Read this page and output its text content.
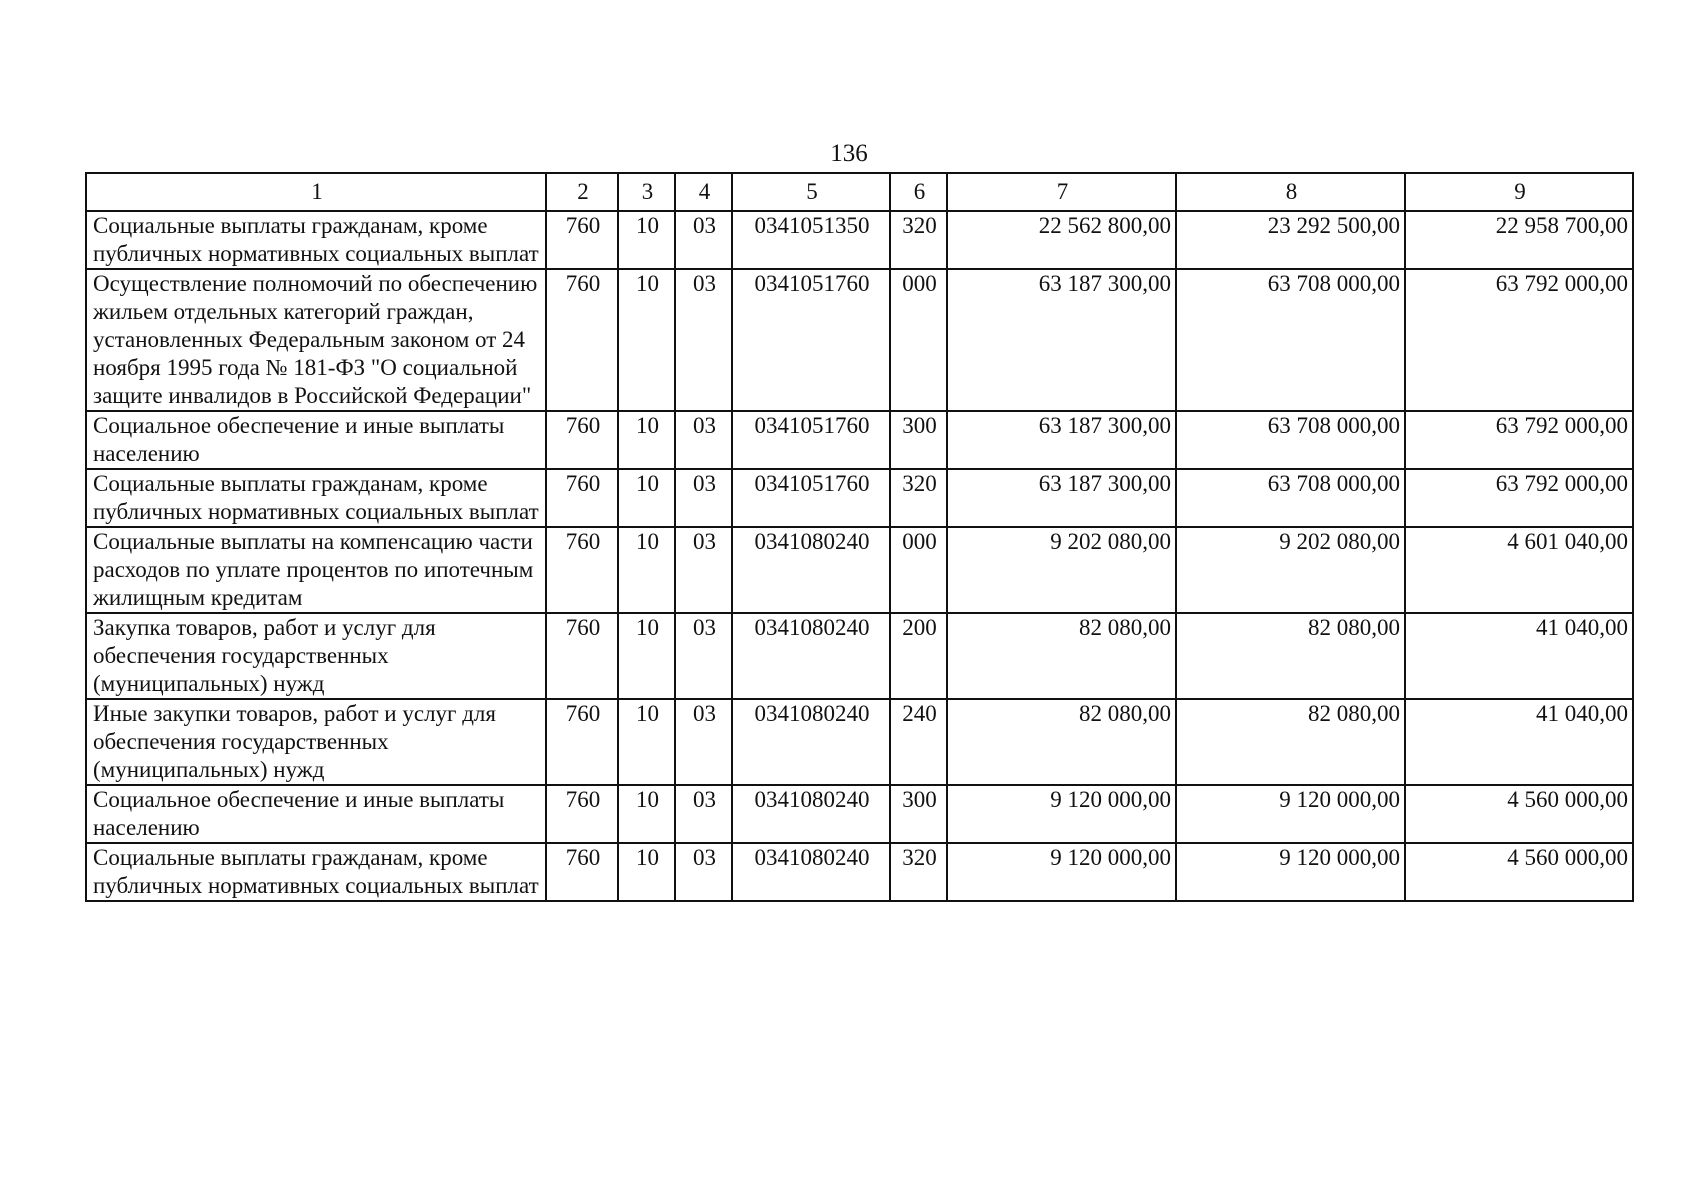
136
1	2	3	4	5	6	7	8	9
Социальные выплаты гражданам, кроме публичных нормативных социальных выплат	760	10	03	0341051350	320	22 562 800,00	23 292 500,00	22 958 700,00
Осуществление полномочий по обеспечению жильем отдельных категорий граждан, установленных Федеральным законом от 24 ноября 1995 года № 181-ФЗ "О социальной защите инвалидов в Российской Федерации"	760	10	03	0341051760	000	63 187 300,00	63 708 000,00	63 792 000,00
Социальное обеспечение и иные выплаты населению	760	10	03	0341051760	300	63 187 300,00	63 708 000,00	63 792 000,00
Социальные выплаты гражданам, кроме публичных нормативных социальных выплат	760	10	03	0341051760	320	63 187 300,00	63 708 000,00	63 792 000,00
Социальные выплаты на компенсацию части расходов по уплате процентов по ипотечным жилищным кредитам	760	10	03	0341080240	000	9 202 080,00	9 202 080,00	4 601 040,00
Закупка товаров, работ и услуг для обеспечения государственных (муниципальных) нужд	760	10	03	0341080240	200	82 080,00	82 080,00	41 040,00
Иные закупки товаров, работ и услуг для обеспечения государственных (муниципальных) нужд	760	10	03	0341080240	240	82 080,00	82 080,00	41 040,00
Социальное обеспечение и иные выплаты населению	760	10	03	0341080240	300	9 120 000,00	9 120 000,00	4 560 000,00
Социальные выплаты гражданам, кроме публичных нормативных социальных выплат	760	10	03	0341080240	320	9 120 000,00	9 120 000,00	4 560 000,00
